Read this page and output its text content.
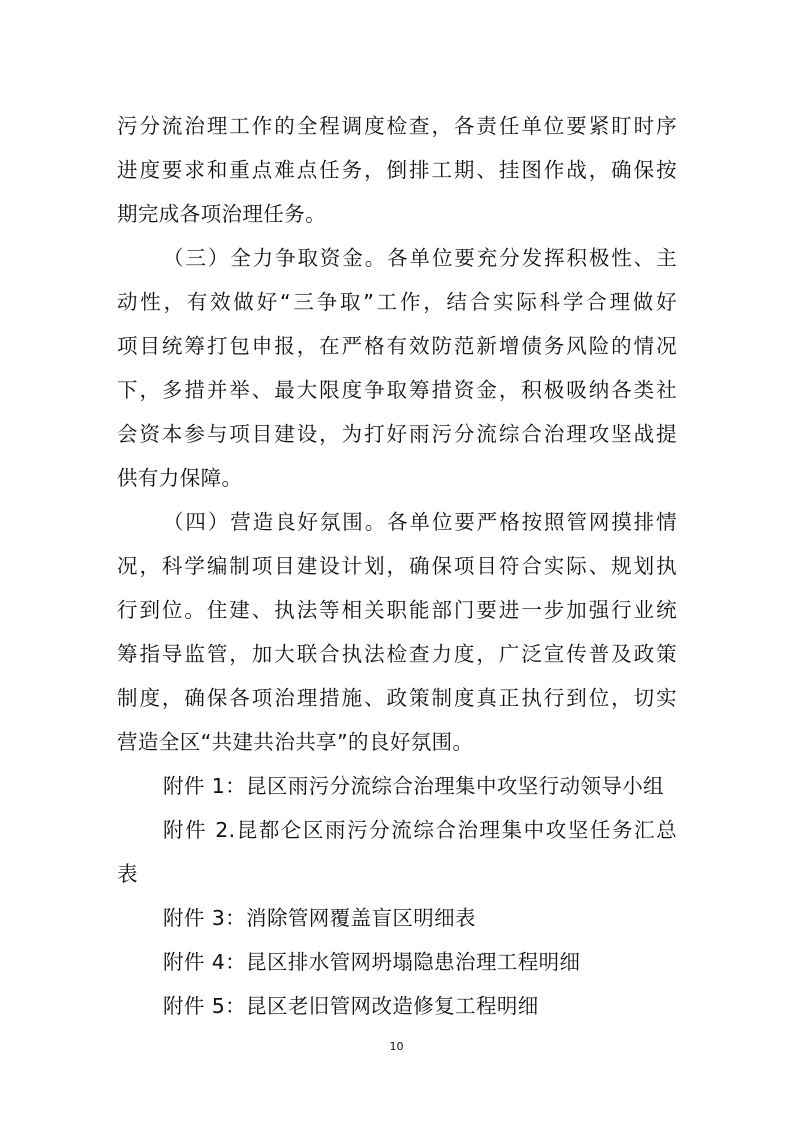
污分流治理工作的全程调度检查，各责任单位要紧盯时序
进度要求和重点难点任务，倒排工期、挂图作战，确保按
期完成各项治理任务。
（三）全力争取资金。各单位要充分发挥积极性、主
动性，有效做好“三争取”工作，结合实际科学合理做好
项目统筹打包申报，在严格有效防范新增债务风险的情况
下，多措并举、最大限度争取筹措资金，积极吸纳各类社
会资本参与项目建设，为打好雨污分流综合治理攻坚战提
供有力保障。
（四）营造良好氛围。各单位要严格按照管网摸排情
况，科学编制项目建设计划，确保项目符合实际、规划执
行到位。住建、执法等相关职能部门要进一步加强行业统
筹指导监管，加大联合执法检查力度，广泛宣传普及政策
制度，确保各项治理措施、政策制度真正执行到位，切实
营造全区“共建共治共享”的良好氛围。
附件 1：昆区雨污分流综合治理集中攻坚行动领导小组
附件 2.昆都仑区雨污分流综合治理集中攻坚任务汇总
表
附件 3：消除管网覆盖盲区明细表
附件 4：昆区排水管网坍塌隐患治理工程明细
附件 5：昆区老旧管网改造修复工程明细
10
